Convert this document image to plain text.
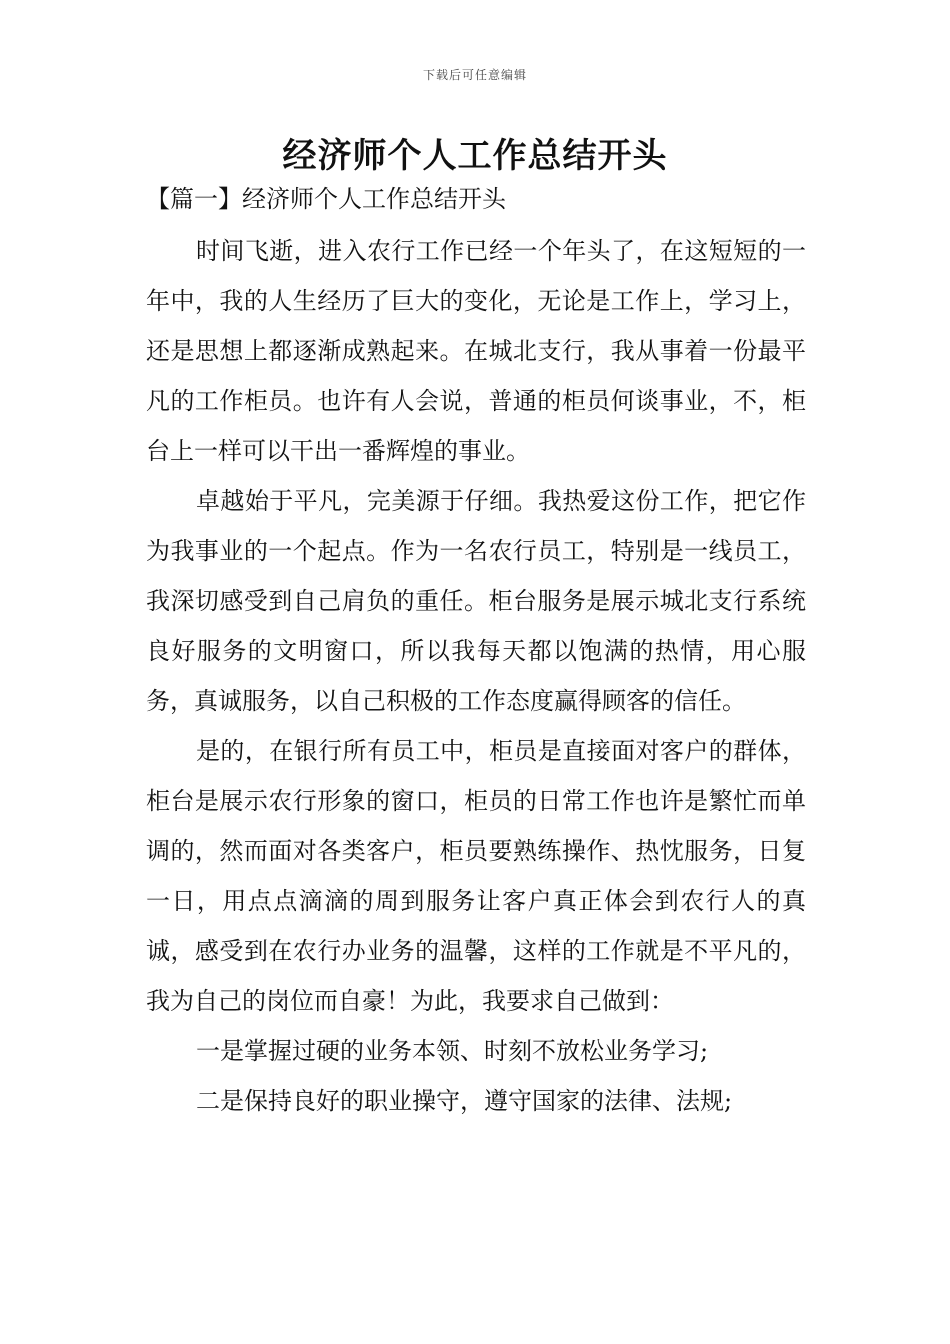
下载后可任意编辑
经济师个人工作总结开头
【篇一】经济师个人工作总结开头

时间飞逝，进入农行工作已经一个年头了，在这短短的一年中，我的人生经历了巨大的变化，无论是工作上，学习上，还是思想上都逐渐成熟起来。在城北支行，我从事着一份最平凡的工作柜员。也许有人会说，普通的柜员何谈事业，不，柜台上一样可以干出一番辉煌的事业。

卓越始于平凡，完美源于仔细。我热爱这份工作，把它作为我事业的一个起点。作为一名农行员工，特别是一线员工，我深切感受到自己肩负的重任。柜台服务是展示城北支行系统良好服务的文明窗口，所以我每天都以饱满的热情，用心服务，真诚服务，以自己积极的工作态度赢得顾客的信任。

是的，在银行所有员工中，柜员是直接面对客户的群体，柜台是展示农行形象的窗口，柜员的日常工作也许是繁忙而单调的，然而面对各类客户，柜员要熟练操作、热忱服务，日复一日，用点点滴滴的周到服务让客户真正体会到农行人的真诚，感受到在农行办业务的温馨，这样的工作就是不平凡的，我为自己的岗位而自豪！为此，我要求自己做到：

一是掌握过硬的业务本领、时刻不放松业务学习;

二是保持良好的职业操守，遵守国家的法律、法规;
